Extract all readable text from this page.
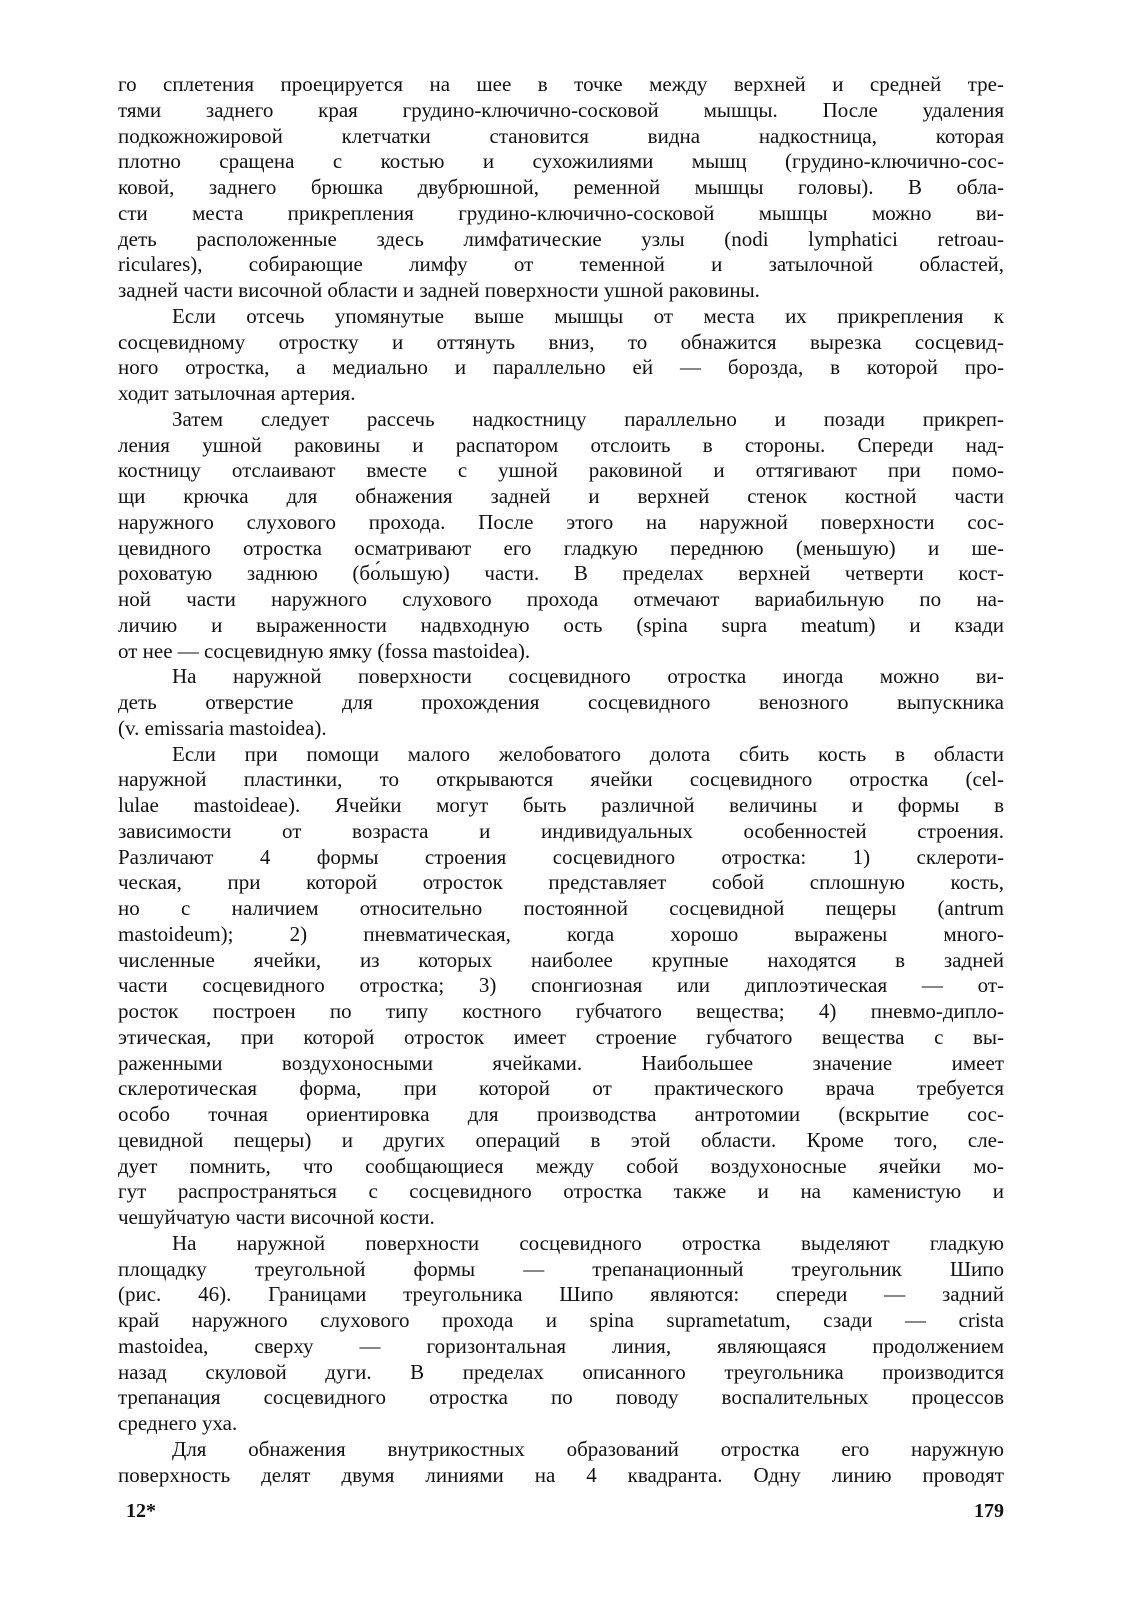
го сплетения проецируется на шее в точке между верхней и средней тре-
тями заднего края грудино-ключично-сосковой мышцы. После удаления
подкожножировой клетчатки становится видна надкостница, которая
плотно сращена с костью и сухожилиями мышц (грудино-ключично-сос-
ковой, заднего брюшка двубрюшной, ременной мышцы головы). В обла-
сти места прикрепления грудино-ключично-сосковой мышцы можно ви-
деть расположенные здесь лимфатические узлы (nodi lymphatici retroau-
riculares), собирающие лимфу от теменной и затылочной областей,
задней части височной области и задней поверхности ушной раковины.
Если отсечь упомянутые выше мышцы от места их прикрепления к
сосцевидному отростку и оттянуть вниз, то обнажится вырезка сосцевид-
ного отростка, а медиально и параллельно ей — борозда, в которой про-
ходит затылочная артерия.
Затем следует рассечь надкостницу параллельно и позади прикреп-
ления ушной раковины и распатором отслоить в стороны. Спереди над-
костницу отслаивают вместе с ушной раковиной и оттягивают при помо-
щи крючка для обнажения задней и верхней стенок костной части
наружного слухового прохода. После этого на наружной поверхности сос-
цевидного отростка осматривают его гладкую переднюю (меньшую) и ше-
роховатую заднюю (бо́льшую) части. В пределах верхней четверти кост-
ной части наружного слухового прохода отмечают вариабильную по на-
личию и выраженности надвходную ость (spina supra meatum) и кзади
от нее — сосцевидную ямку (fossa mastoidea).
На наружной поверхности сосцевидного отростка иногда можно ви-
деть отверстие для прохождения сосцевидного венозного выпускника
(v. emissaria mastoidea).
Если при помощи малого желобоватого долота сбить кость в области
наружной пластинки, то открываются ячейки сосцевидного отростка (cel-
lulae mastoideae). Ячейки могут быть различной величины и формы в
зависимости от возраста и индивидуальных особенностей строения.
Различают 4 формы строения сосцевидного отростка: 1) склероти-
ческая, при которой отросток представляет собой сплошную кость,
но с наличием относительно постоянной сосцевидной пещеры (antrum
mastoideum); 2) пневматическая, когда хорошо выражены много-
численные ячейки, из которых наиболее крупные находятся в задней
части сосцевидного отростка; 3) спонгиозная или диплоэтическая — от-
росток построен по типу костного губчатого вещества; 4) пневмо-дипло-
этическая, при которой отросток имеет строение губчатого вещества с вы-
раженными воздухоносными ячейками. Наибольшее значение имеет
склеротическая форма, при которой от практического врача требуется
особо точная ориентировка для производства антротомии (вскрытие сос-
цевидной пещеры) и других операций в этой области. Кроме того, сле-
дует помнить, что сообщающиеся между собой воздухоносные ячейки мо-
гут распространяться с сосцевидного отростка также и на каменистую и
чешуйчатую части височной кости.
На наружной поверхности сосцевидного отростка выделяют гладкую
площадку треугольной формы — трепанационный треугольник Шипо
(рис. 46). Границами треугольника Шипо являются: спереди — задний
край наружного слухового прохода и spina suprametatum, сзади — crista
mastoidea, сверху — горизонтальная линия, являющаяся продолжением
назад скуловой дуги. В пределах описанного треугольника производится
трепанация сосцевидного отростка по поводу воспалительных процессов
среднего уха.
Для обнажения внутрикостных образований отростка его наружную
поверхность делят двумя линиями на 4 квадранта. Одну линию проводят
12*	179
